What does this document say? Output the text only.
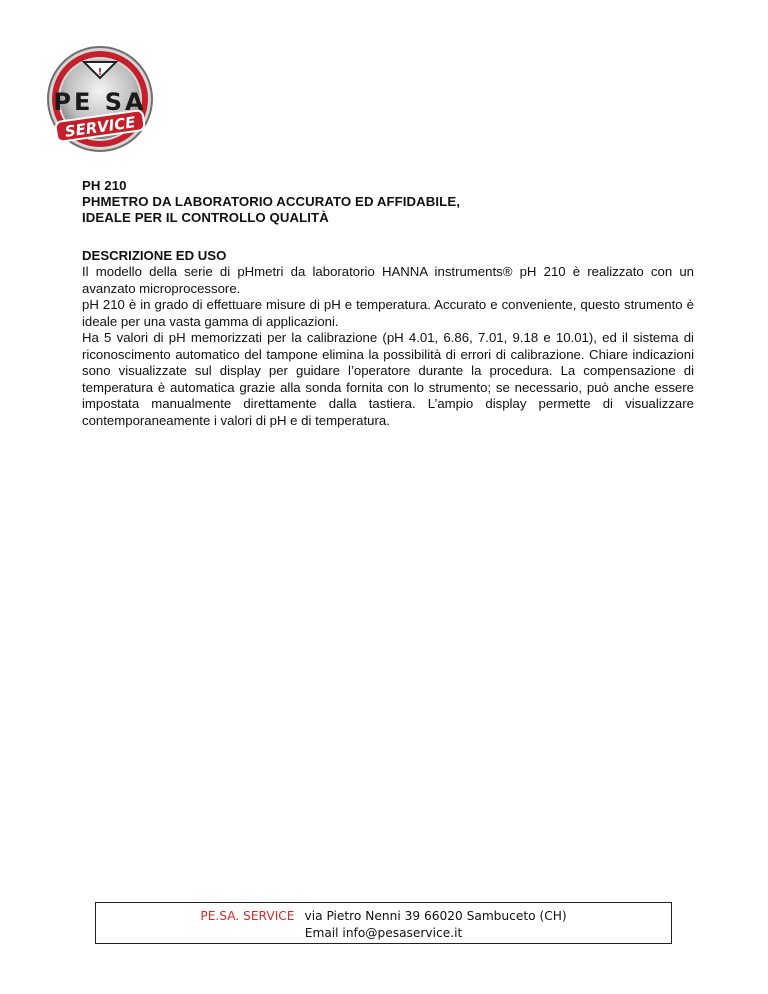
!
PE SA
SERVICE
PH 210
PHMETRO DA LABORATORIO ACCURATO ED AFFIDABILE,
IDEALE PER IL CONTROLLO QUALITÀ
DESCRIZIONE ED USO

Il modello della serie di pHmetri da laboratorio HANNA instruments® pH 210 è realizzato con un avanzato microprocessore.

pH 210 è in grado di effettuare misure di pH e temperatura. Accurato e conveniente, questo strumento è ideale per una vasta gamma di applicazioni.

Ha 5 valori di pH memorizzati per la calibrazione (pH 4.01, 6.86, 7.01, 9.18 e 10.01), ed il sistema di riconoscimento automatico del tampone elimina la possibilità di errori di calibrazione. Chiare indicazioni sono visualizzate sul display per guidare l’operatore durante la procedura. La compensazione di temperatura è automatica grazie alla sonda fornita con lo strumento; se necessario, può anche essere impostata manualmente direttamente dalla tastiera. L’ampio display permette di visualizzare contemporaneamente i valori di pH e di temperatura.

PE.SA. SERVICE via Pietro Nenni 39 66020 Sambuceto (CH)
Email info@pesaservice.it
